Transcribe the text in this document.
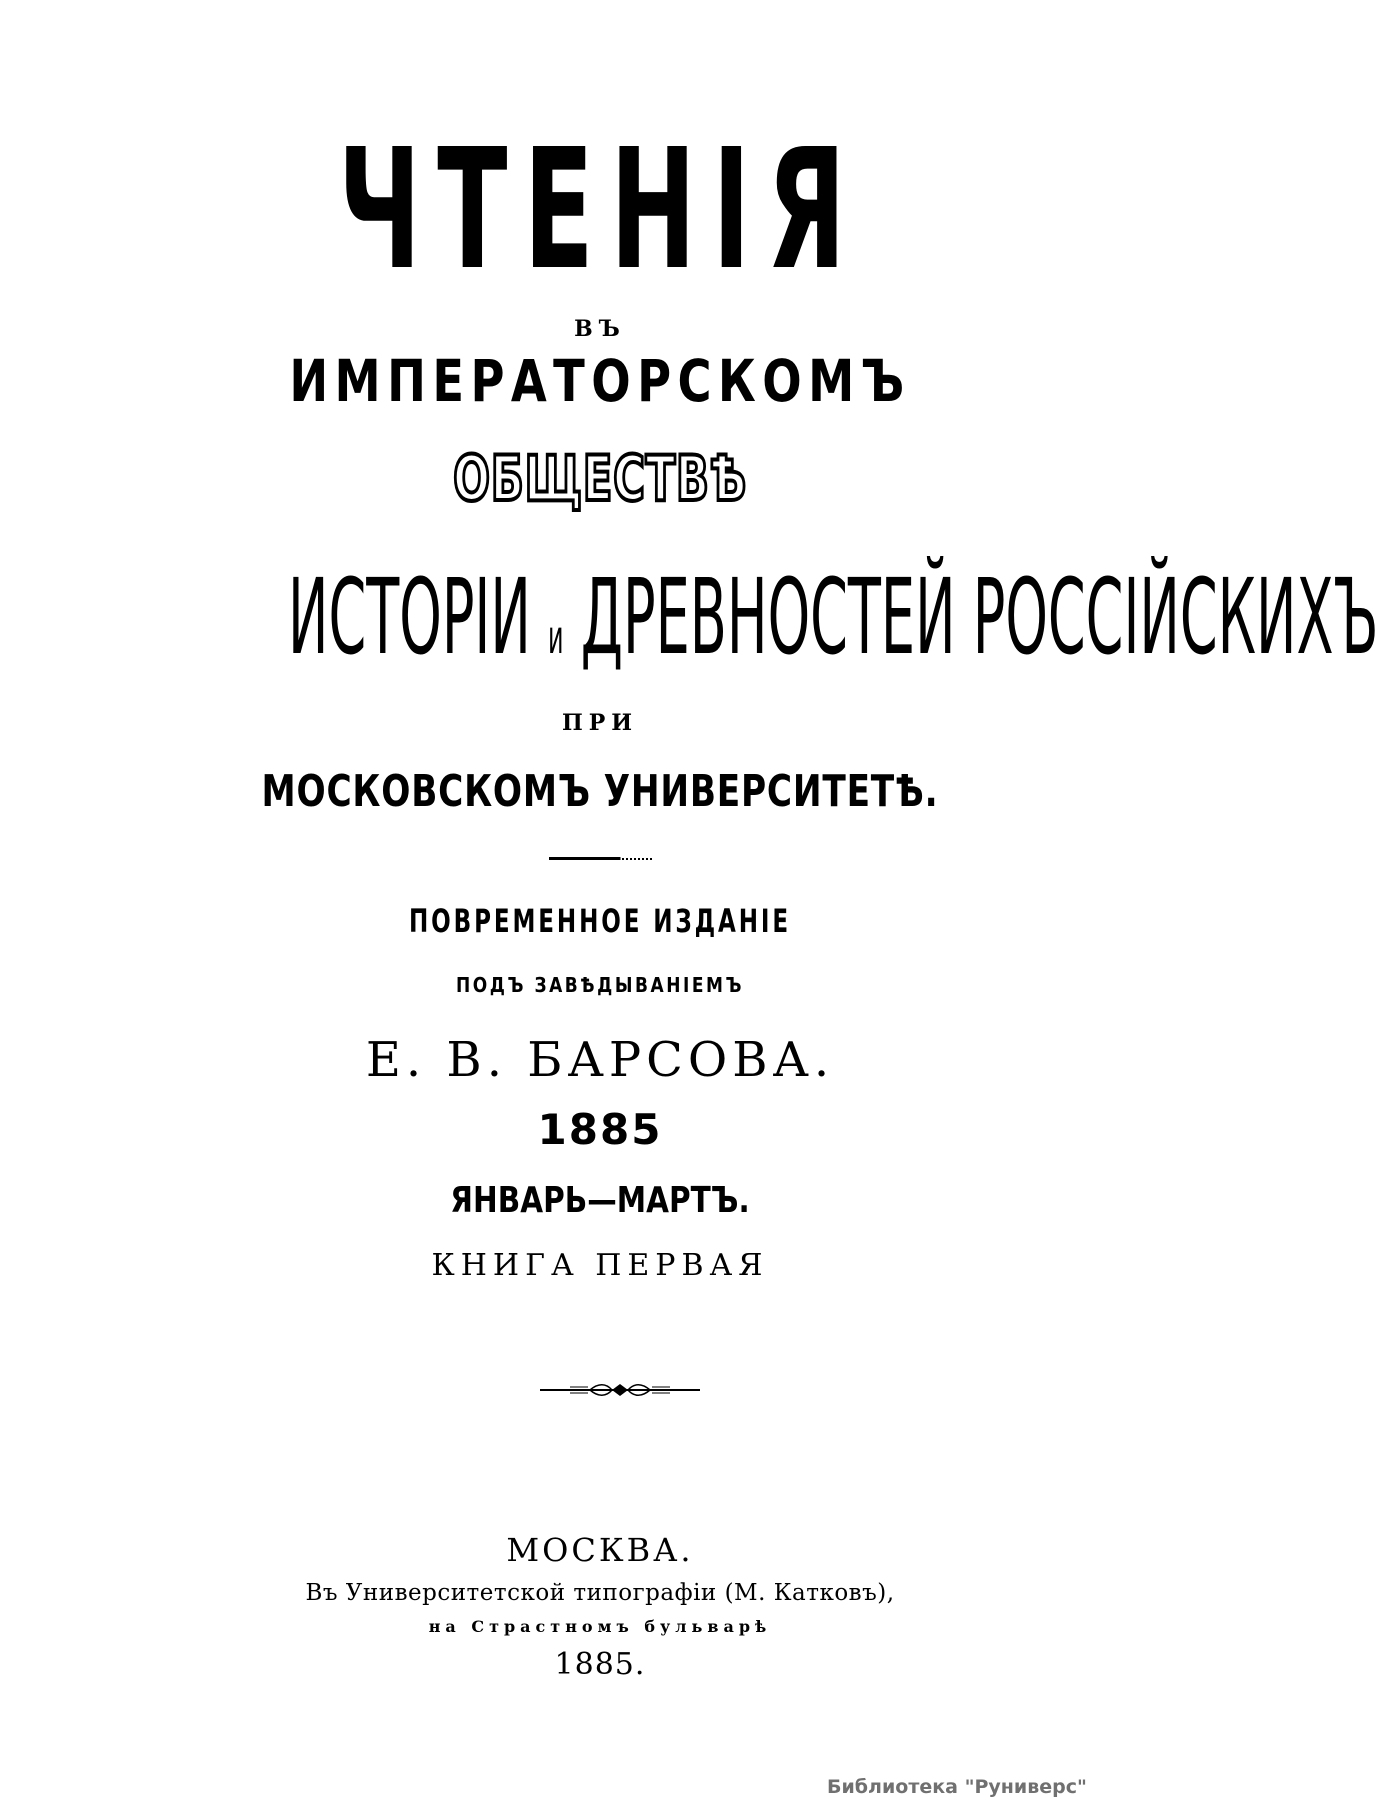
ЧТЕНІЯ
ВЪ
ИМПЕРАТОРСКОМЪ
ОБЩЕСТВѢ
ИСТОРІИ и ДРЕВНОСТЕЙ РОССІЙСКИХЪ
ПРИ
МОСКОВСКОМЪ УНИВЕРСИТЕТѢ.
ПОВРЕМЕННОЕ ИЗДАНІЕ
ПОДЪ ЗАВѢДЫВАНІЕМЪ
Е. В. БАРСОВА.
1885
ЯНВАРЬ—МАРТЪ.
КНИГА ПЕРВАЯ
МОСКВА.
Въ Университетской типографіи (М. Катковъ),
на Страстномъ бульварѣ
1885.
Библиотека "Руниверс"
